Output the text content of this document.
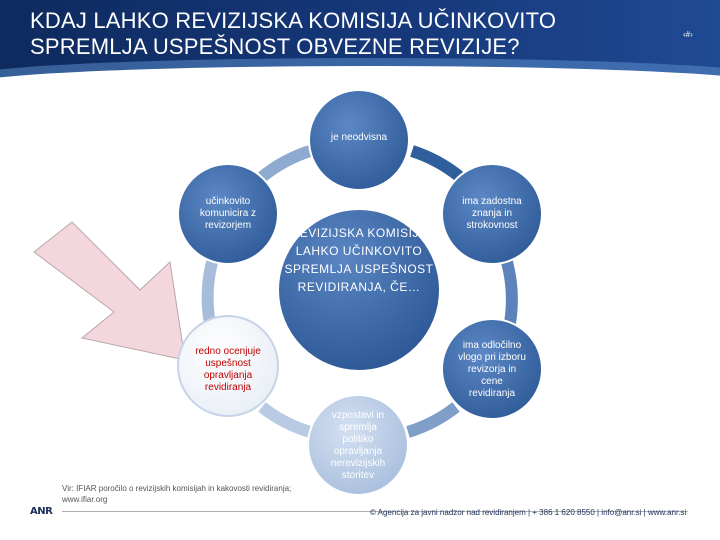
KDAJ LAHKO REVIZIJSKA KOMISIJA UČINKOVITO
SPREMLJA USPEŠNOST OBVEZNE REVIZIJE?	‹#›
REVIZIJSKA KOMISIJA LAHKO UČINKOVITO SPREMLJA USPEŠNOST REVIDIRANJA, ČE…
je neodvisna
ima zadostna znanja in strokovnost
ima odločilno vlogo pri izboru revizorja in cene revidiranja
vzpostavi in spremlja politiko opravljanja nerevizijskih storitev
redno ocenjuje uspešnost opravljanja revidiranja
učinkovito komunicira z revizorjem
Vir: IFIAR poročilo o revizijskih komisijah in kakovosti revidiranja; www.ifiar.org
ANR	© Agencija za javni nadzor nad revidiranjem | + 386 1 620 8550 | info@anr.si | www.anr.si
